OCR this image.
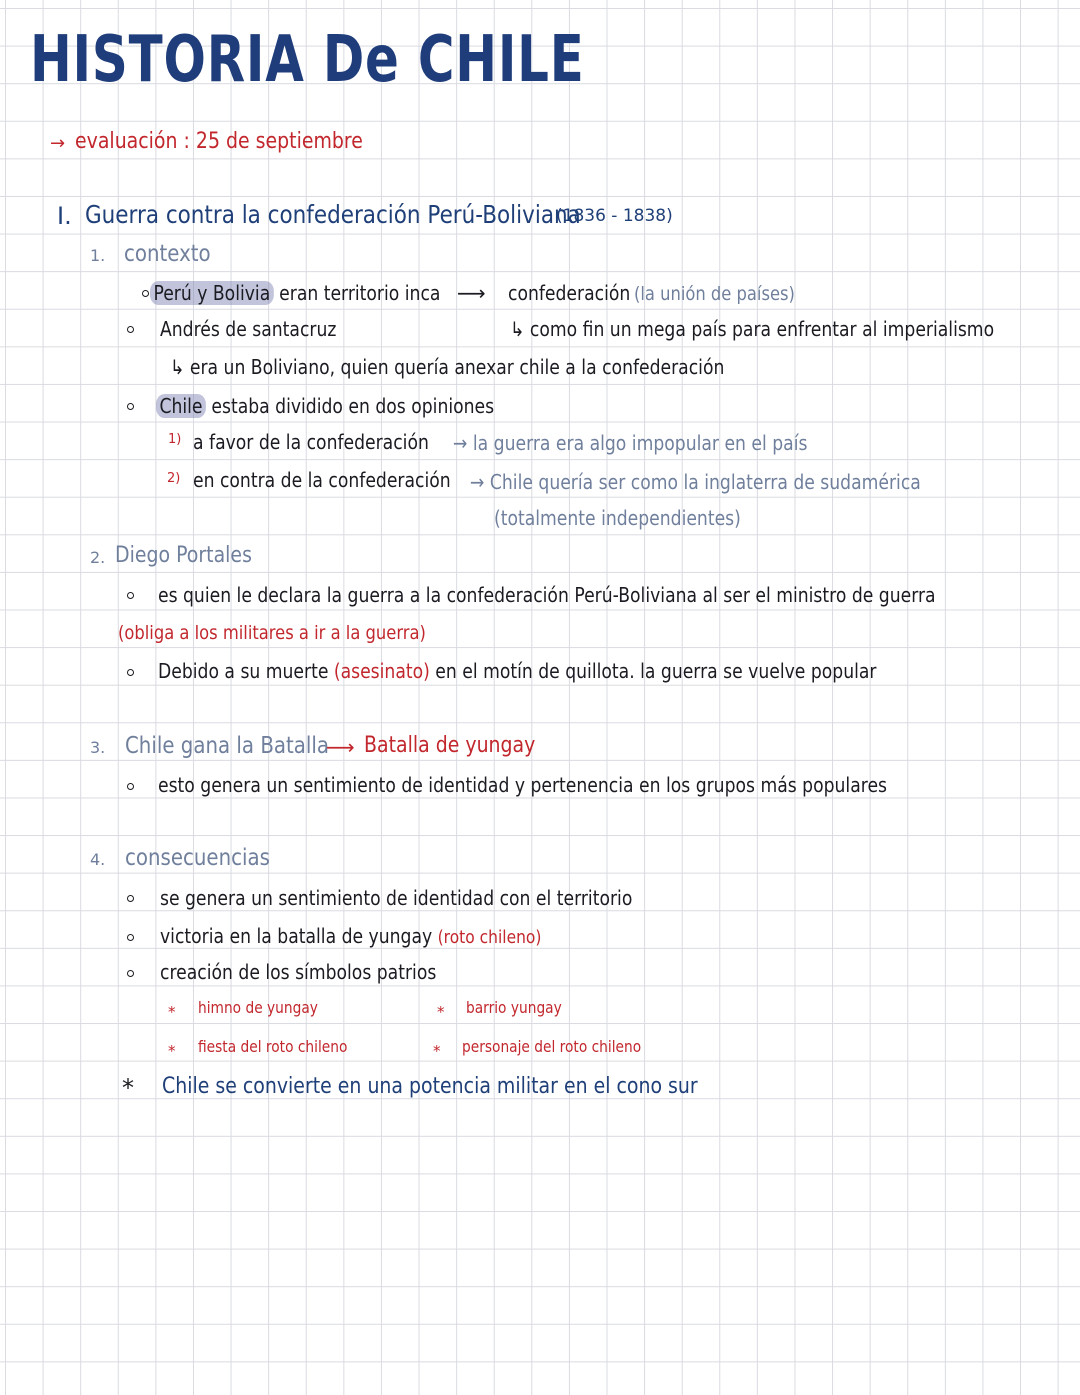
HISTORIA De CHILE
→ evaluación : 25 de septiembre
I. Guerra contra la confederación Perú-Boliviana
(1836 - 1838)
1. contexto
Perú y Bolivia eran territorio inca ⟶ confederación (la unión de países)
Andrés de santacruz	↳ como fin un mega país para enfrentar al imperialismo
↳ era un Boliviano, quien quería anexar chile a la confederación
Chile estaba dividido en dos opiniones
1) a favor de la confederación → la guerra era algo impopular en el país
2) en contra de la confederación → Chile quería ser como la inglaterra de sudamérica
(totalmente independientes)
2. Diego Portales
es quien le declara la guerra a la confederación Perú-Boliviana al ser el ministro de guerra
(obliga a los militares a ir a la guerra)
Debido a su muerte (asesinato) en el motín de quillota. la guerra se vuelve popular
3. Chile gana la Batalla
⟶ Batalla de yungay
esto genera un sentimiento de identidad y pertenencia en los grupos más populares
4. consecuencias
se genera un sentimiento de identidad con el territorio
victoria en la batalla de yungay (roto chileno)
creación de los símbolos patrios
* himno de yungay	* barrio yungay
* fiesta del roto chileno	* personaje del roto chileno
* Chile se convierte en una potencia militar en el cono sur
